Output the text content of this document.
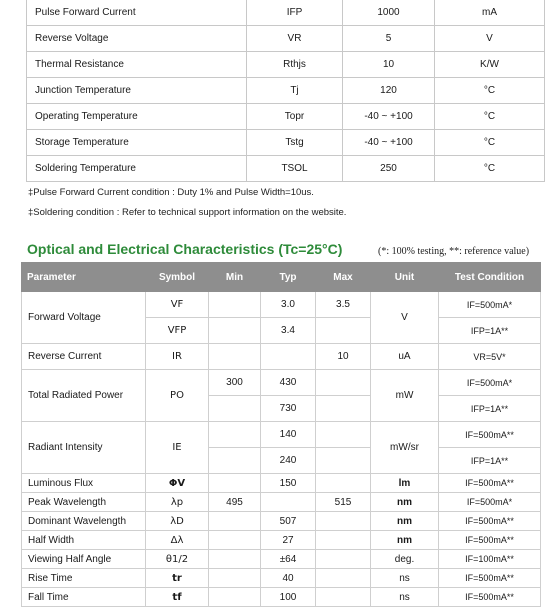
Pulse Forward Current	IFP	1000	mA
Reverse Voltage	VR	5	V
Thermal Resistance	Rthjs	10	K/W
Junction Temperature	Tj	120	°C
Operating Temperature	Topr	-40 ~ +100	°C
Storage Temperature	Tstg	-40 ~ +100	°C
Soldering Temperature	TSOL	250	°C
‡Pulse Forward Current condition : Duty 1% and Pulse Width=10us.
‡Soldering condition : Refer to technical support information on the website.
Optical and Electrical Characteristics (Tc=25°C)	(*: 100% testing, **: reference value)
Parameter	Symbol	Min	Typ	Max	Unit	Test Condition
Forward Voltage	VF		3.0	3.5	V	IF=500mA*
	VFP		3.4			IFP=1A**
Reverse Current	IR			10	uA	VR=5V*
Total Radiated Power	PO	300	430		mW	IF=500mA*
			730			IFP=1A**
Radiant Intensity	IE		140		mW/sr	IF=500mA**
			240			IFP=1A**
Luminous Flux	ΦV		150		lm	IF=500mA**
Peak Wavelength	λp	495		515	nm	IF=500mA*
Dominant Wavelength	λD		507		nm	IF=500mA**
Half Width	Δλ		27		nm	IF=500mA**
Viewing Half Angle	θ1/2		±64		deg.	IF=100mA**
Rise Time	tr		40		ns	IF=500mA**
Fall Time	tf		100		ns	IF=500mA**
